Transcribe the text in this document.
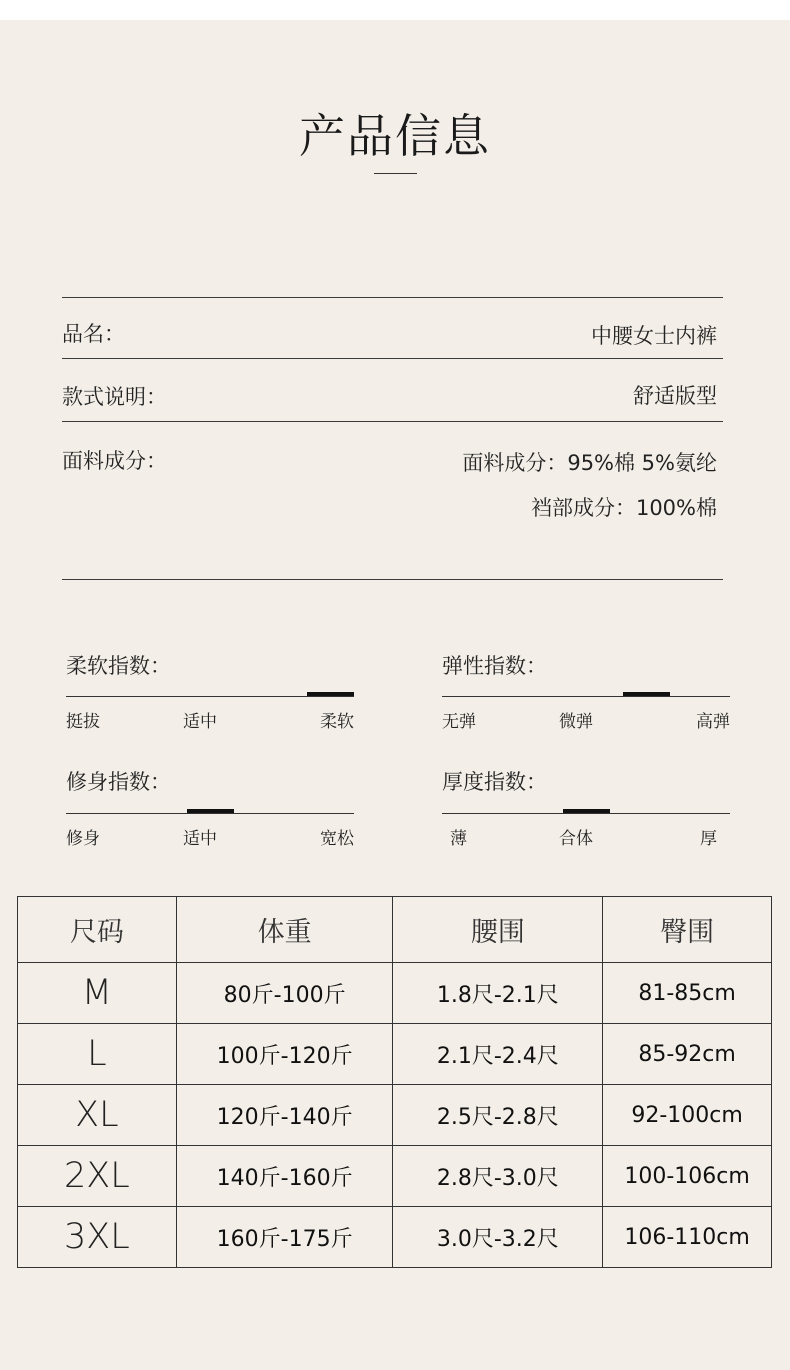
产品信息
品名：	中腰女士内裤
款式说明：	舒适版型
面料成分：	面料成分：95%棉 5%氨纶
裆部成分：100%棉
柔软指数：
挺拔	适中	柔软
弹性指数：
无弹	微弹	高弹
修身指数：
修身	适中	宽松
厚度指数：
薄	合体	厚
尺码	体重	腰围	臀围
M	80斤-100斤	1.8尺-2.1尺	81-85cm
L	100斤-120斤	2.1尺-2.4尺	85-92cm
XL	120斤-140斤	2.5尺-2.8尺	92-100cm
2XL	140斤-160斤	2.8尺-3.0尺	100-106cm
3XL	160斤-175斤	3.0尺-3.2尺	106-110cm
